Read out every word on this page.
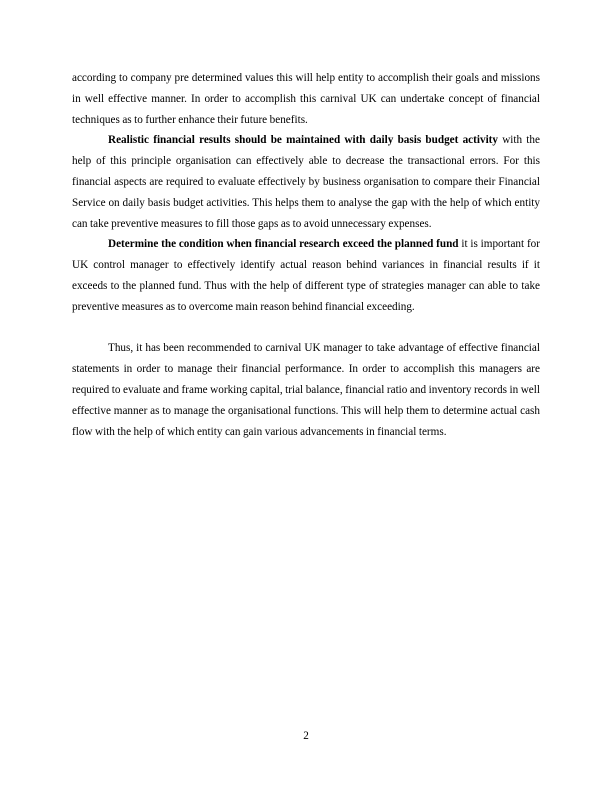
according to company pre determined values this will help entity to accomplish their goals and missions in well effective manner. In order to accomplish this carnival UK can undertake concept of financial techniques as to further enhance their future benefits.

Realistic financial results should be maintained with daily basis budget activity with the help of this principle organisation can effectively able to decrease the transactional errors. For this financial aspects are required to evaluate effectively by business organisation to compare their Financial Service on daily basis budget activities. This helps them to analyse the gap with the help of which entity can take preventive measures to fill those gaps as to avoid unnecessary expenses.

Determine the condition when financial research exceed the planned fund it is important for UK control manager to effectively identify actual reason behind variances in financial results if it exceeds to the planned fund. Thus with the help of different type of strategies manager can able to take preventive measures as to overcome main reason behind financial exceeding.

Thus, it has been recommended to carnival UK manager to take advantage of effective financial statements in order to manage their financial performance. In order to accomplish this managers are required to evaluate and frame working capital, trial balance, financial ratio and inventory records in well effective manner as to manage the organisational functions. This will help them to determine actual cash flow with the help of which entity can gain various advancements in financial terms.

2
